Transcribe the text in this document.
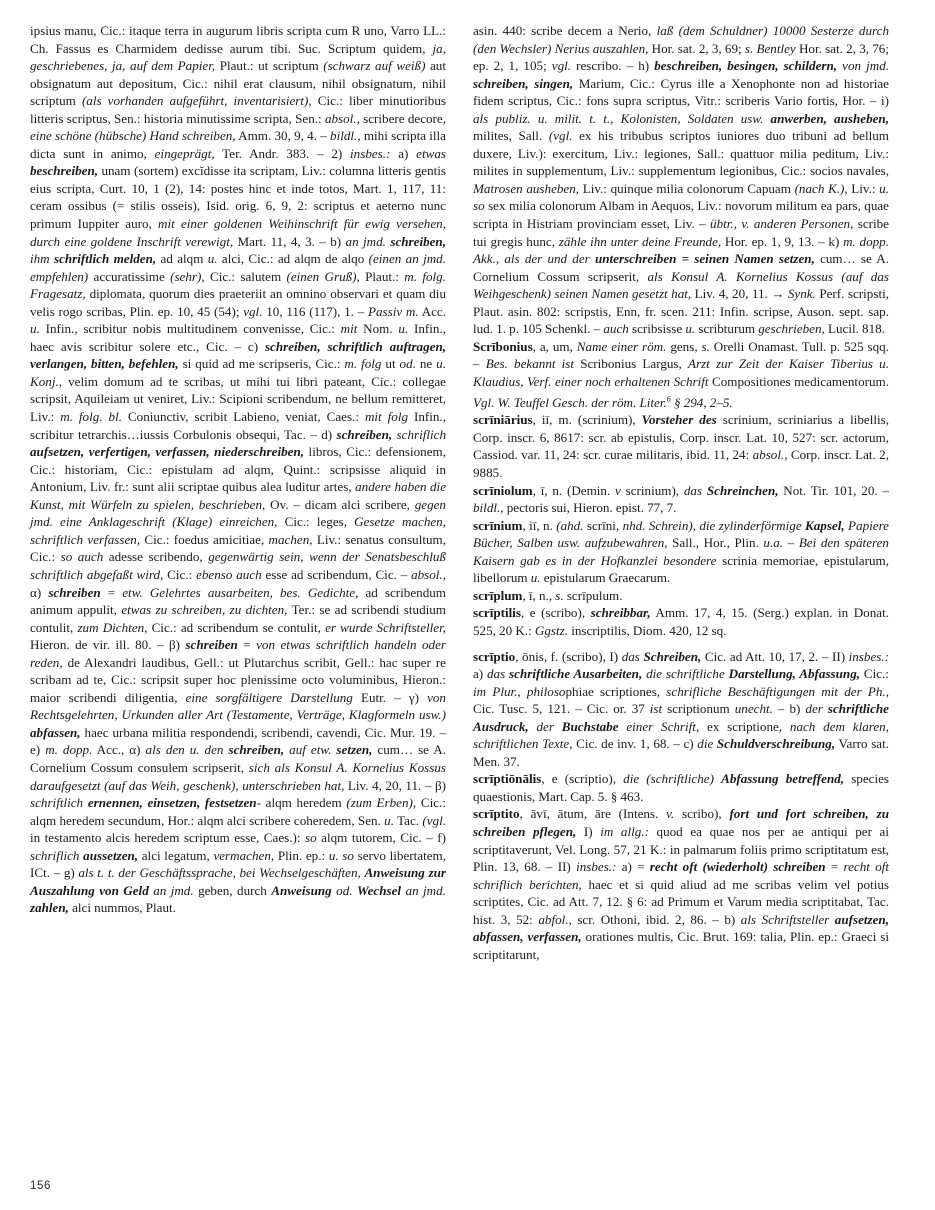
ipsius manu, Cic.: itaque terra in augurum libris scripta cum R uno, Varro LL.: Ch. Fassus es Charmidem dedisse aurum tibi. Suc. Scriptum quidem, ja, geschriebenes, ja, auf dem Papier, Plaut.: ut scriptum (schwarz auf weiß) aut obsignatum aut depositum, Cic.: nihil erat clausum, nihil obsignatum, nihil scriptum (als vorhanden aufgeführt, inventarisiert), Cic.: liber minutioribus litteris scriptus, Sen.: historia minutissime scripta, Sen.: absol., scribere decore, eine schöne (hübsche) Hand schreiben, Amm. 30, 9, 4. – bildl., mihi scripta illa dicta sunt in animo, eingeprägt, Ter. Andr. 383. – 2) insbes.: a) etwas beschreiben, unam (sortem) excĭdisse ita scriptam, Liv.: columna litteris gentis eius scripta, Curt. 10, 1 (2), 14: postes hinc et inde totos, Mart. 1, 117, 11: ceram ossibus (= stilis osseis), Isid. orig. 6, 9, 2: scriptus et aeterno nunc primum Iuppiter auro, mit einer goldenen Weihinschrift für ewig versehen, durch eine goldene Inschrift verewigt, Mart. 11, 4, 3. – b) an jmd. schreiben, ihm schriftlich melden, ad alqm u. alci, Cic.: ad alqm de alqo (einen an jmd. empfehlen) accuratissime (sehr), Cic.: salutem (einen Gruß), Plaut.: m. folg. Fragesatz, diplomata, quorum dies praeteriit an omnino observari et quam diu velis rogo scribas, Plin. ep. 10, 45 (54); vgl. 10, 116 (117), 1. – Passiv m. Acc. u. Infin., scribitur nobis multitudinem convenisse, Cic.: mit Nom. u. Infin., haec avis scribitur solere etc., Cic. – c) schreiben, schriftlich auftragen, verlangen, bitten, befehlen, si quid ad me scripseris, Cic.: m. folg ut od. ne u. Konj., velim domum ad te scribas, ut mihi tui libri pateant, Cic.: collegae scripsit, Aquileiam ut veniret, Liv.: Scipioni scribendum, ne bellum remitteret, Liv.: m. folg. bl. Coniunctiv, scribit Labieno, veniat, Caes.: mit folg Infin., scribitur tetrarchis…iussis Corbulonis obsequi, Tac. – d) schreiben, schriflich aufsetzen, verfertigen, verfassen, niederschreiben, libros, Cic.: defensionem, Cic.: historiam, Cic.: epistulam ad alqm, Quint.: scripsisse aliquid in Antonium, Liv. fr.: sunt alii scriptae quibus alea luditur artes, andere haben die Kunst, mit Würfeln zu spielen, beschrieben, Ov. – dicam alci scribere, gegen jmd. eine Anklageschrift (Klage) einreichen, Cic.: leges, Gesetze machen, schriftlich verfassen, Cic.: foedus amicitiae, machen, Liv.: senatus consultum, Cic.: so auch adesse scribendo, gegenwärtig sein, wenn der Senatsbeschluß schriftlich abgefaßt wird, Cic.: ebenso auch esse ad scribendum, Cic. – absol., α) schreiben = etw. Gelehrtes ausarbeiten, bes. Gedichte, ad scribendum animum appulit, etwas zu schreiben, zu dichten, Ter.: se ad scribendi studium contulit, zum Dichten, Cic.: ad scribendum se contulit, er wurde Schriftsteller, Hieron. de vir. ill. 80. – β) schreiben = von etwas schriftlich handeln oder reden, de Alexandri laudibus, Gell.: ut Plutarchus scribit, Gell.: hac super re scribam ad te, Cic.: scripsit super hoc plenissime octo voluminibus, Hieron.: maior scribendi diligentia, eine sorgfältigere Darstellung Eutr. – γ) von Rechtsgelehrten, Urkunden aller Art (Testamente, Verträge, Klagformeln usw.) abfassen, haec urbana militia respondendi, scribendi, cavendi, Cic. Mur. 19. – e) m. dopp. Acc., α) als den u. den schreiben, auf etw. setzen, cum… se A. Cornelium Cossum consulem scripserit, sich als Konsul A. Kornelius Kossus daraufgesetzt (auf das Weih, geschenk), unterschrieben hat, Liv. 4, 20, 11. – β) schriftlich ernennen, einsetzen, festsetzen- alqm heredem (zum Erben), Cic.: alqm heredem secundum, Hor.: alqm alci scribere coheredem, Sen. u. Tac. (vgl. in testamento alcis heredem scriptum esse, Caes.): so alqm tutorem, Cic. – f) schriflich aussetzen, alci legatum, vermachen, Plin. ep.: u. so servo libertatem, ICt. – g) als t. t. der Geschäftssprache, bei Wechselgeschäften, Anweisung zur Auszahlung von Geld an jmd. geben, durch Anweisung od. Wechsel an jmd. zahlen, alci nummos, Plaut.

asin. 440: scribe decem a Nerio, laß (dem Schuldner) 10000 Sesterze durch (den Wechsler) Nerius auszahlen, Hor. sat. 2, 3, 69; s. Bentley Hor. sat. 2, 3, 76; ep. 2, 1, 105; vgl. rescribo. – h) beschreiben, besingen, schildern, von jmd. schreiben, singen, Marium, Cic.: Cyrus ille a Xenophonte non ad historiae fidem scriptus, Cic.: fons supra scriptus, Vitr.: scriberis Vario fortis, Hor. – i) als publiz. u. milit. t. t., Kolonisten, Soldaten usw. anwerben, ausheben, milites, Sall. (vgl. ex his tribubus scriptos iuniores duo tribuni ad bellum duxere, Liv.): exercitum, Liv.: legiones, Sall.: quattuor milia peditum, Liv.: milites in supplementum, Liv.: supplementum legionibus, Cic.: socios navales, Matrosen ausheben, Liv.: quinque milia colonorum Capuam (nach K.), Liv.: u. so sex milia colonorum Albam in Aequos, Liv.: novorum militum ea pars, quae scripta in Histriam provinciam esset, Liv. – übtr., v. anderen Personen, scribe tui gregis hunc, zähle ihn unter deine Freunde, Hor. ep. 1, 9, 13. – k) m. dopp. Akk., als der und der unterschreiben = seinen Namen setzen, cum… se A. Cornelium Cossum scripserit, als Konsul A. Kornelius Kossus (auf das Weihgeschenk) seinen Namen gesetzt hat, Liv. 4, 20, 11. → Synk. Perf. scripsti, Plaut. asin. 802: scripstis, Enn, fr. scen. 211: Infin. scripse, Auson. sept. sap. lud. 1. p. 105 Schenkl. – auch scribsisse u. scribturum geschrieben, Lucil. 818.

Scrībonius, a, um, Name einer röm. gens, s. Orelli Onamast. Tull. p. 525 sqq. – Bes. bekannt ist Scribonius Largus, Arzt zur Zeit der Kaiser Tiberius u. Klaudius, Verf. einer noch erhaltenen Schrift Compositiones medicamentorum. Vgl. W. Teuffel Gesch. der röm. Liter.$^6$ § 294, 2–5.

scrīniārius, iī, m. (scrinium), Vorsteher des scrinium, scriniarius a libellis, Corp. inscr. 6, 8617: scr. ab epistulis, Corp. inscr. Lat. 10, 527: scr. actorum, Cassiod. var. 11, 24: scr. curae militaris, ibid. 11, 24: absol., Corp. inscr. Lat. 2, 9885.

scrīniolum, ī, n. (Demin. v scrinium), das Schreinchen, Not. Tir. 101, 20. – bildl., pectoris sui, Hieron. epist. 77, 7.

scrīnium, iī, n. (ahd. scrīni, nhd. Schrein), die zylinderförmige Kapsel, Papiere Bücher, Salben usw. aufzubewahren, Sall., Hor., Plin. u.a. – Bei den späteren Kaisern gab es in der Hofkanzlei besondere scrinia memoriae, epistularum, libellorum u. epistularum Graecarum.

scrīplum, ī, n., s. scrīpulum.

scrīptilis, e (scribo), schreibbar, Amm. 17, 4, 15. (Serg.) explan. in Donat. 525, 20 K.: Ggstz. inscriptilis, Diom. 420, 12 sq.

scrīptio, ōnis, f. (scribo), I) das Schreiben, Cic. ad Att. 10, 17, 2. – II) insbes.: a) das schriftliche Ausarbeiten, die schriftliche Darstellung, Abfassung, Cic.: im Plur., philosophiae scriptiones, schrifliche Beschäftigungen mit der Ph., Cic. Tusc. 5, 121. – Cic. or. 37 ist scriptionum unecht. – b) der schriftliche Ausdruck, der Buchstabe einer Schrift, ex scriptione, nach dem klaren, schriftlichen Texte, Cic. de inv. 1, 68. – c) die Schuldverschreibung, Varro sat. Men. 37.

scrīptiōnālis, e (scriptio), die (schriftliche) Abfassung betreffend, species quaestionis, Mart. Cap. 5. § 463.

scrīptito, āvī, ātum, āre (Intens. v. scribo), fort und fort schreiben, zu schreiben pflegen, I) im allg.: quod ea quae nos per ae antiqui per ai scriptitaverunt, Vel. Long. 57, 21 K.: in palmarum foliis primo scriptitatum est, Plin. 13, 68. – II) insbes.: a) = recht oft (wiederholt) schreiben = recht oft schriflich berichten, haec et si quid aliud ad me scribas velim vel potius scriptites, Cic. ad Att. 7, 12. § 6: ad Primum et Varum media scriptitabat, Tac. hist. 3, 52: abfol., scr. Othoni, ibid. 2, 86. – b) als Schriftsteller aufsetzen, abfassen, verfassen, orationes multis, Cic. Brut. 169: talia, Plin. ep.: Graeci si scriptitarunt,

156
